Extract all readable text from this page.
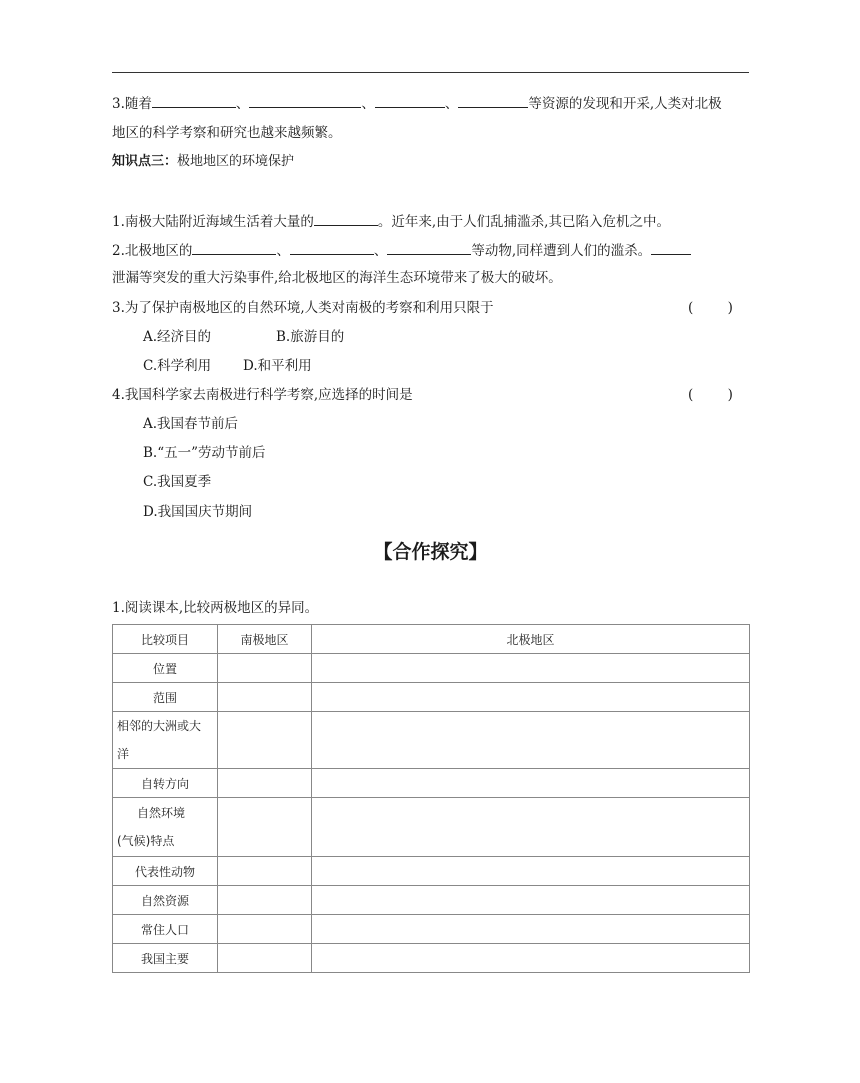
3.随着	、	、	、	等资源的发现和开采,人类对北极
地区的科学考察和研究也越来越频繁。
知识点三：极地地区的环境保护
1.南极大陆附近海域生活着大量的	。近年来,由于人们乱捕滥杀,其已陷入危机之中。
2.北极地区的	、	、	等动物,同样遭到人们的滥杀。
泄漏等突发的重大污染事件,给北极地区的海洋生态环境带来了极大的破坏。
3.为了保护南极地区的自然环境,人类对南极的考察和利用只限于	(        )
A.经济目的	B.旅游目的
C.科学利用 D.和平利用
4.我国科学家去南极进行科学考察,应选择的时间是	(        )
A.我国春节前后
B.“五一”劳动节前后
C.我国夏季
D.我国国庆节期间
【合作探究】
1.阅读课本,比较两极地区的异同。
比较项目	南极地区	北极地区
位置		
范围		
相邻的大洲或大
洋		
自转方向		
自然环境
(气候)特点		
代表性动物		
自然资源		
常住人口		
我国主要		
